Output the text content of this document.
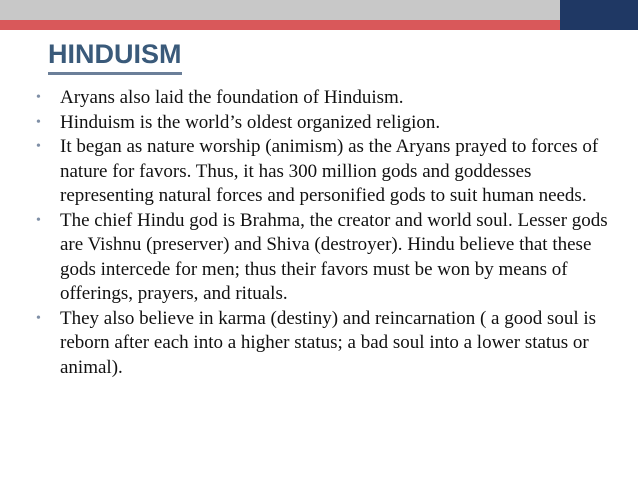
HINDUISM
• Aryans also laid the foundation of Hinduism.
• Hinduism is the world’s oldest organized religion.
• It began as nature worship (animism) as the Aryans prayed to forces of nature for favors. Thus, it has 300 million gods and goddesses representing natural forces and personified gods to suit human needs.
• The chief Hindu god is Brahma, the creator and world soul. Lesser gods are Vishnu (preserver) and Shiva (destroyer). Hindu believe that these gods intercede for men; thus their favors must be won by means of offerings, prayers, and rituals.
• They also believe in karma (destiny) and reincarnation ( a good soul is reborn after each into a higher status; a bad soul into a lower status or animal).
